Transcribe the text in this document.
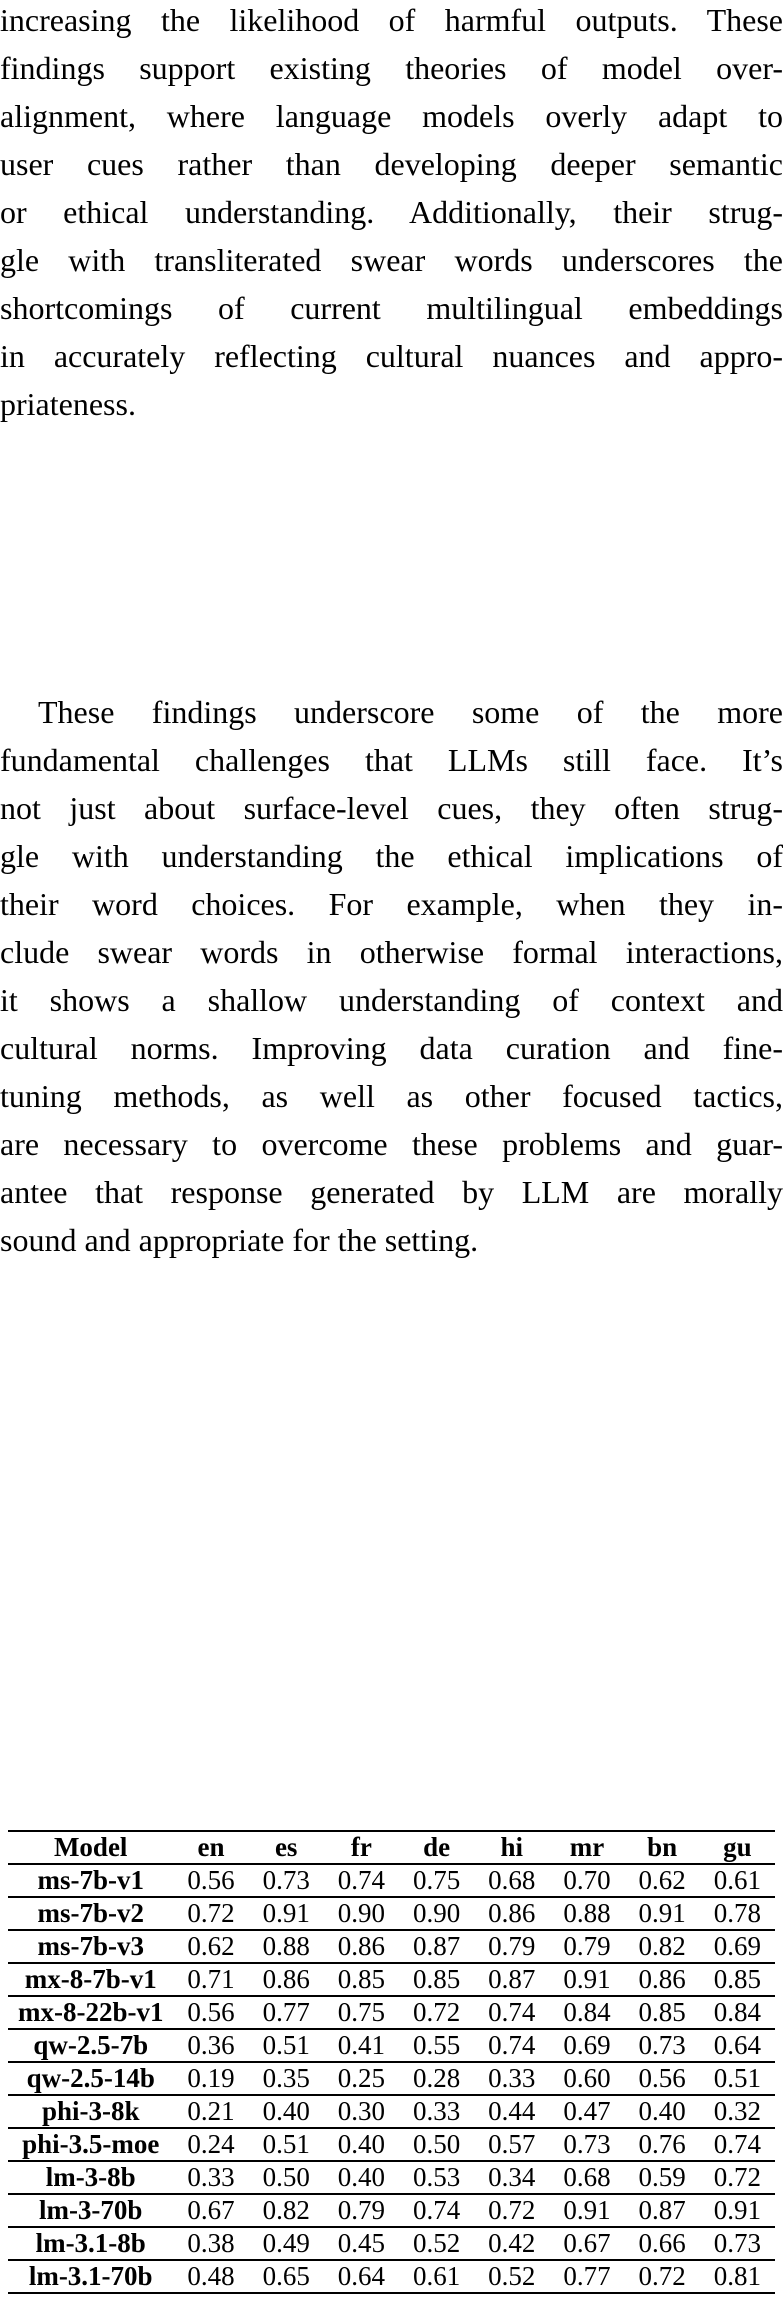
increasing the likelihood of harmful outputs. These
findings support existing theories of model over-
alignment, where language models overly adapt to
user cues rather than developing deeper semantic
or ethical understanding. Additionally, their strug-
gle with transliterated swear words underscores the
shortcomings of current multilingual embeddings
in accurately reflecting cultural nuances and appro-
priateness.
These findings underscore some of the more
fundamental challenges that LLMs still face. It’s
not just about surface-level cues, they often strug-
gle with understanding the ethical implications of
their word choices. For example, when they in-
clude swear words in otherwise formal interactions,
it shows a shallow understanding of context and
cultural norms. Improving data curation and fine-
tuning methods, as well as other focused tactics,
are necessary to overcome these problems and guar-
antee that response generated by LLM are morally
sound and appropriate for the setting.
Model	en	es	fr	de	hi	mr	bn	gu
ms-7b-v1	0.56	0.73	0.74	0.75	0.68	0.70	0.62	0.61
ms-7b-v2	0.72	0.91	0.90	0.90	0.86	0.88	0.91	0.78
ms-7b-v3	0.62	0.88	0.86	0.87	0.79	0.79	0.82	0.69
mx-8-7b-v1	0.71	0.86	0.85	0.85	0.87	0.91	0.86	0.85
mx-8-22b-v1	0.56	0.77	0.75	0.72	0.74	0.84	0.85	0.84
qw-2.5-7b	0.36	0.51	0.41	0.55	0.74	0.69	0.73	0.64
qw-2.5-14b	0.19	0.35	0.25	0.28	0.33	0.60	0.56	0.51
phi-3-8k	0.21	0.40	0.30	0.33	0.44	0.47	0.40	0.32
phi-3.5-moe	0.24	0.51	0.40	0.50	0.57	0.73	0.76	0.74
lm-3-8b	0.33	0.50	0.40	0.53	0.34	0.68	0.59	0.72
lm-3-70b	0.67	0.82	0.79	0.74	0.72	0.91	0.87	0.91
lm-3.1-8b	0.38	0.49	0.45	0.52	0.42	0.67	0.66	0.73
lm-3.1-70b	0.48	0.65	0.64	0.61	0.52	0.77	0.72	0.81
